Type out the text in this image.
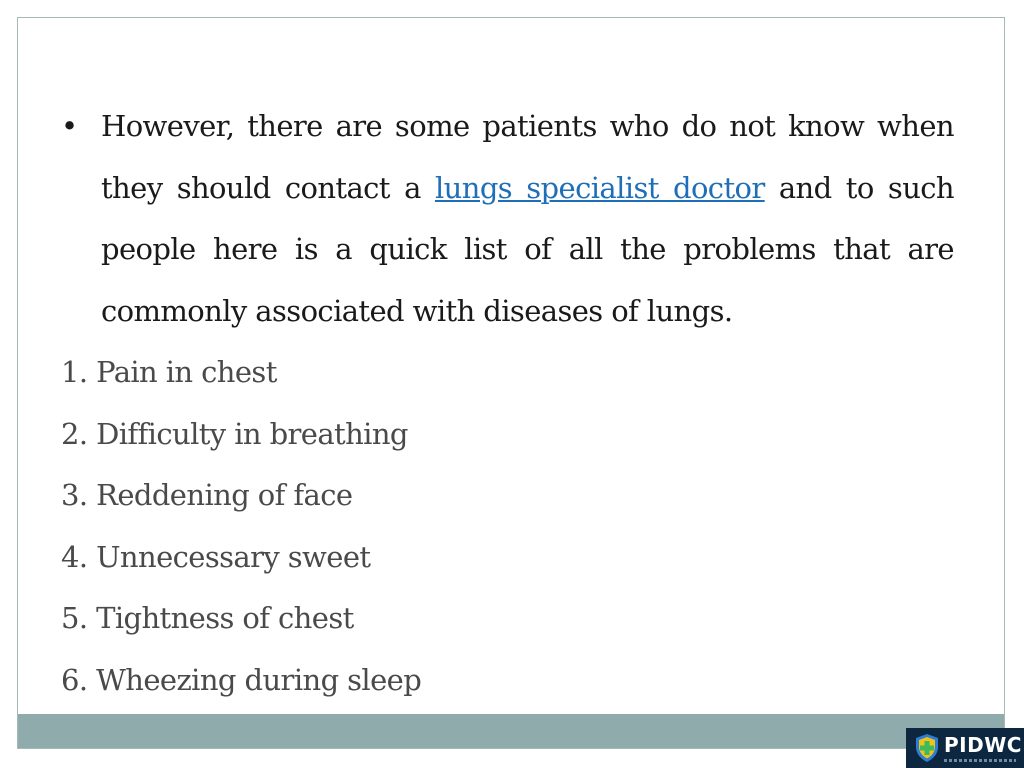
• However, there are some patients who do not know when they should contact a lungs specialist doctor and to such people here is a quick list of all the problems that are commonly associated with diseases of lungs.
1. Pain in chest
2. Difficulty in breathing
3. Reddening of face
4. Unnecessary sweet
5. Tightness of chest
6. Wheezing during sleep
PIDWC
